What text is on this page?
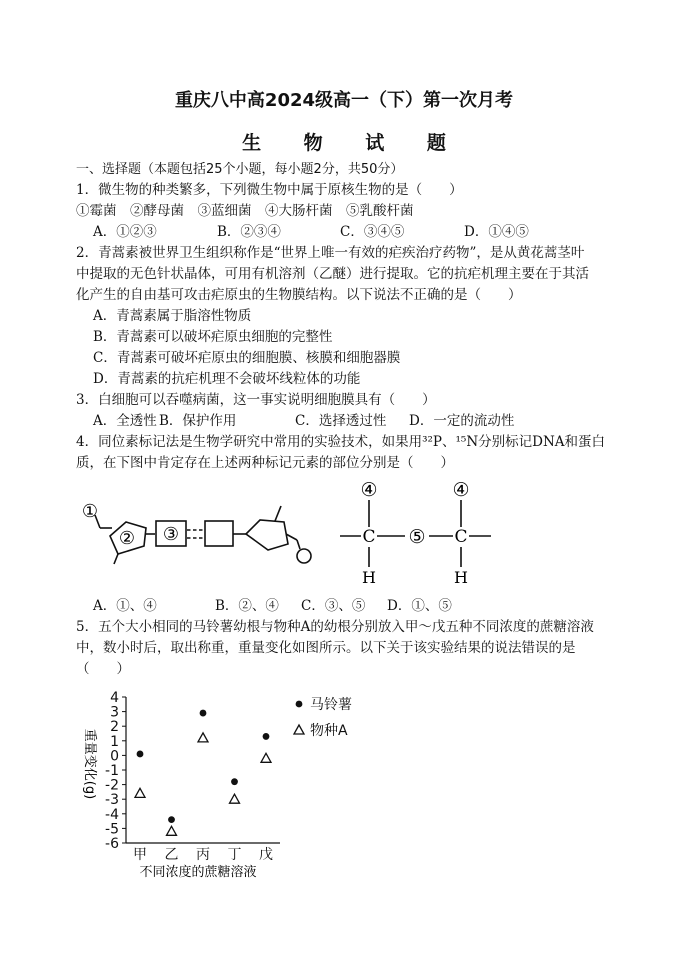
重庆八中高2024级高一（下）第一次月考
生 物 试 题
一、选择题（本题包括25个小题，每小题2分，共50分）
1．微生物的种类繁多，下列微生物中属于原核生物的是（　　）
①霉菌　②酵母菌　③蓝细菌　④大肠杆菌　⑤乳酸杆菌
A．①②③	B．②③④	C．③④⑤	D．①④⑤
2．青蒿素被世界卫生组织称作是“世界上唯一有效的疟疾治疗药物”，是从黄花蒿茎叶
中提取的无色针状晶体，可用有机溶剂（乙醚）进行提取。它的抗疟机理主要在于其活
化产生的自由基可攻击疟原虫的生物膜结构。以下说法不正确的是（　　）
A．青蒿素属于脂溶性物质
B．青蒿素可以破坏疟原虫细胞的完整性
C．青蒿素可破坏疟原虫的细胞膜、核膜和细胞器膜
D．青蒿素的抗疟机理不会破坏线粒体的功能
3．白细胞可以吞噬病菌，这一事实说明细胞膜具有（　　）
A．全透性 B．保护作用	C．选择透过性 D．一定的流动性
4．同位素标记法是生物学研究中常用的实验技术，如果用³²P、¹⁵N分别标记DNA和蛋白
质，在下图中肯定存在上述两种标记元素的部位分别是（　　）
①
② ③
④	④
⑤
C	C
H	H
A．①、④	B．②、④ C．③、⑤ D．①、⑤
5．五个大小相同的马铃薯幼根与物种A的幼根分别放入甲～戊五种不同浓度的蔗糖溶液
中，数小时后，取出称重，重量变化如图所示。以下关于该实验结果的说法错误的是
（　　）
重量变化(g)
不同浓度的蔗糖溶液
4
3
2
1
0
-1
-2
-3
-4
-5
-6
甲 乙 丙 丁 戊
马铃薯
物种A
